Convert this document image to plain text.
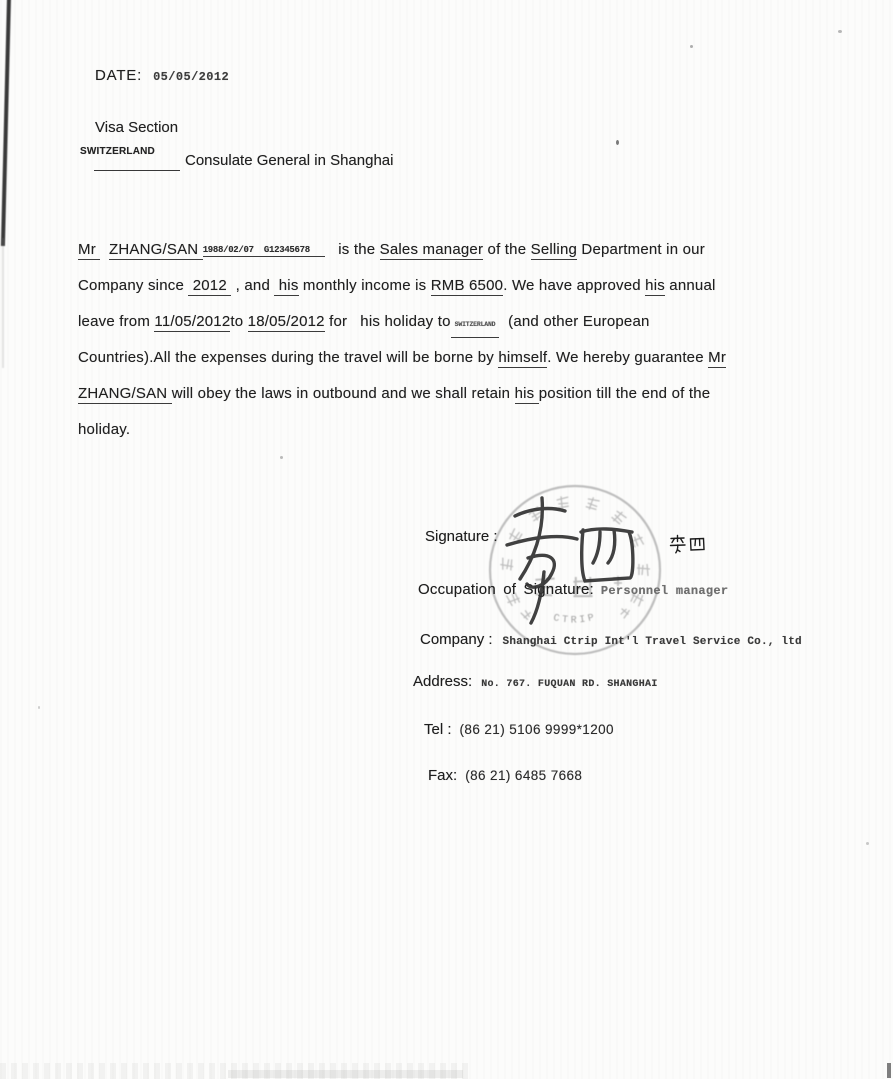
DATE: 05/05/2012
Visa Section
SWITZERLAND
Consulate General in Shanghai
Mr   ZHANG/SAN 1988/02/07  G12345678      is the Sales manager of the Selling Department in our
Company since  2012  , and  his monthly income is RMB 6500. We have approved his annual
leave from 11/05/2012to 18/05/2012 for   his holiday to SWITZERLAND  (and other European
Countries).All the expenses during the travel will be borne by himself. We hereby guarantee Mr
ZHANG/SAN will obey the laws in outbound and we shall retain his position till the end of the
holiday.
CTRIP
Signature :
Occupation of Signature: Personnel manager
Company : Shanghai Ctrip Int'l Travel Service Co., ltd
Address: No. 767. FUQUAN RD. SHANGHAI
Tel : (86 21) 5106 9999*1200
Fax: (86 21) 6485 7668
